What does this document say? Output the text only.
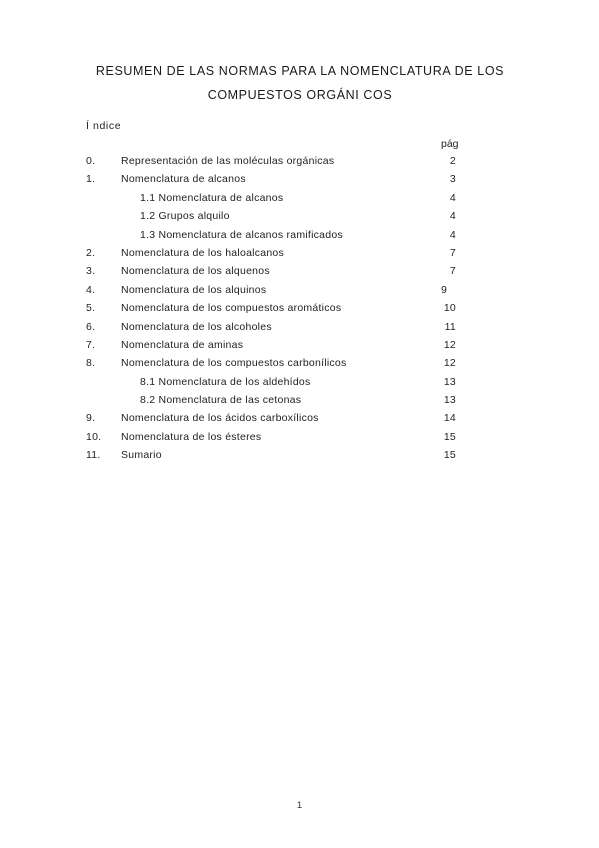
RESUMEN DE LAS NORMAS PARA LA NOMENCLATURA DE LOS
COMPUESTOS ORGÁNI COS
Í ndice
pág
0. Representación de las moléculas orgánicas	2
1. Nomenclatura de alcanos	3
1.1 Nomenclatura de alcanos	4
1.2 Grupos alquilo	4
1.3 Nomenclatura de alcanos ramificados	4
2. Nomenclatura de los haloalcanos	7
3. Nomenclatura de los alquenos	7
4. Nomenclatura de los alquinos	9
5. Nomenclatura de los compuestos aromáticos	10
6. Nomenclatura de los alcoholes	11
7. Nomenclatura de aminas	12
8. Nomenclatura de los compuestos carbonílicos	12
8.1 Nomenclatura de los aldehídos	13
8.2 Nomenclatura de las cetonas	13
9. Nomenclatura de los ácidos carboxílicos	14
10. Nomenclatura de los ésteres	15
11. Sumario	15
1
